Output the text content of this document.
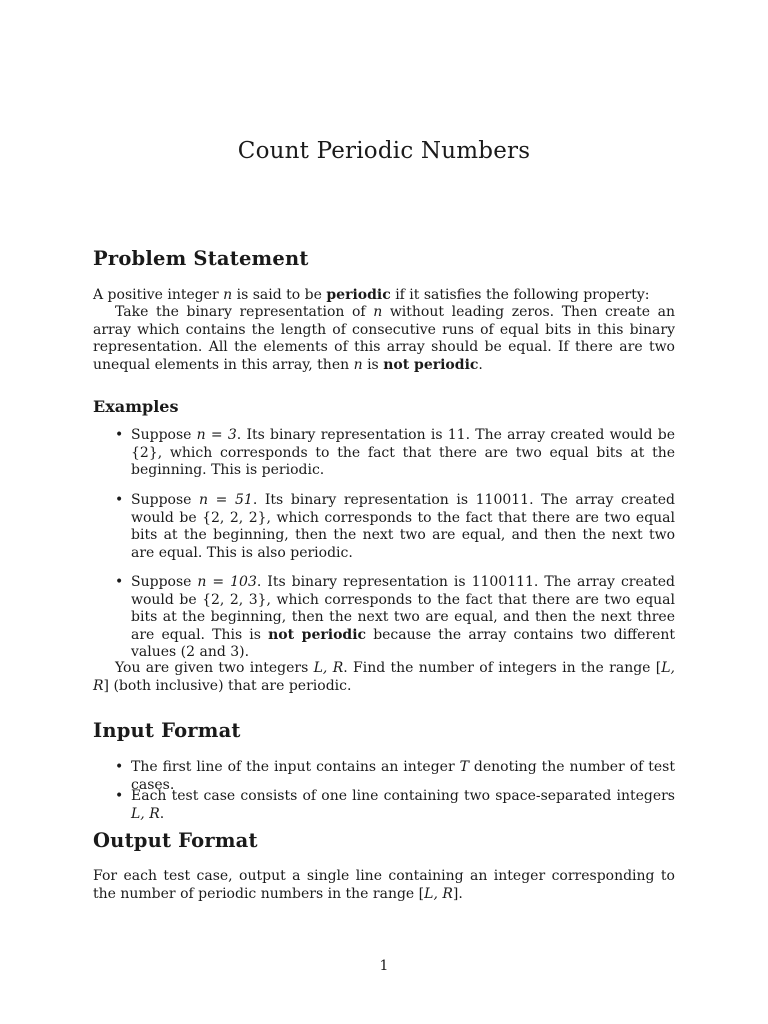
Count Periodic Numbers
Problem Statement

A positive integer n is said to be periodic if it satisfies the following property:

Take the binary representation of n without leading zeros. Then create an array which contains the length of consecutive runs of equal bits in this binary representation. All the elements of this array should be equal. If there are two unequal elements in this array, then n is not periodic.

Examples
• Suppose n = 3. Its binary representation is 11. The array created would be {2}, which corresponds to the fact that there are two equal bits at the beginning. This is periodic.
• Suppose n = 51. Its binary representation is 110011. The array created would be {2, 2, 2}, which corresponds to the fact that there are two equal bits at the beginning, then the next two are equal, and then the next two are equal. This is also periodic.
• Suppose n = 103. Its binary representation is 1100111. The array created would be {2, 2, 3}, which corresponds to the fact that there are two equal bits at the beginning, then the next two are equal, and then the next three are equal. This is not periodic because the array contains two different values (2 and 3).

You are given two integers L, R. Find the number of integers in the range [L, R] (both inclusive) that are periodic.

Input Format
• The first line of the input contains an integer T denoting the number of test cases.
• Each test case consists of one line containing two space-separated integers L, R.
Output Format

For each test case, output a single line containing an integer corresponding to the number of periodic numbers in the range [L, R].

1
